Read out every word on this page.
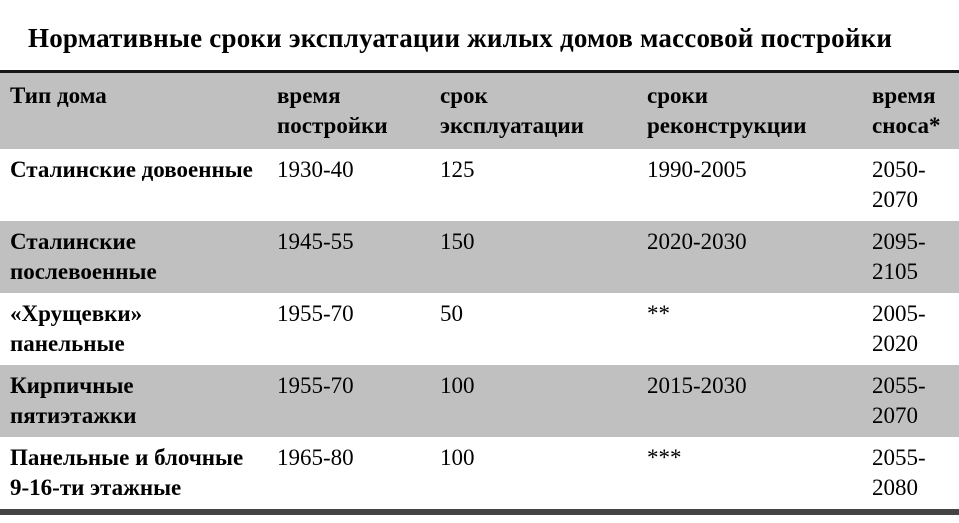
Нормативные сроки эксплуатации жилых домов массовой постройки
Тип дома	время постройки	срок эксплуатации	сроки реконструкции	время сноса*
Сталинские довоенные	1930-40	125	1990-2005	2050-2070
Сталинские послевоенные	1945-55	150	2020-2030	2095-2105
«Хрущевки» панельные	1955-70	50	**	2005-2020
Кирпичные пятиэтажки	1955-70	100	2015-2030	2055-2070
Панельные и блочные 9-16-ти этажные	1965-80	100	***	2055-2080
